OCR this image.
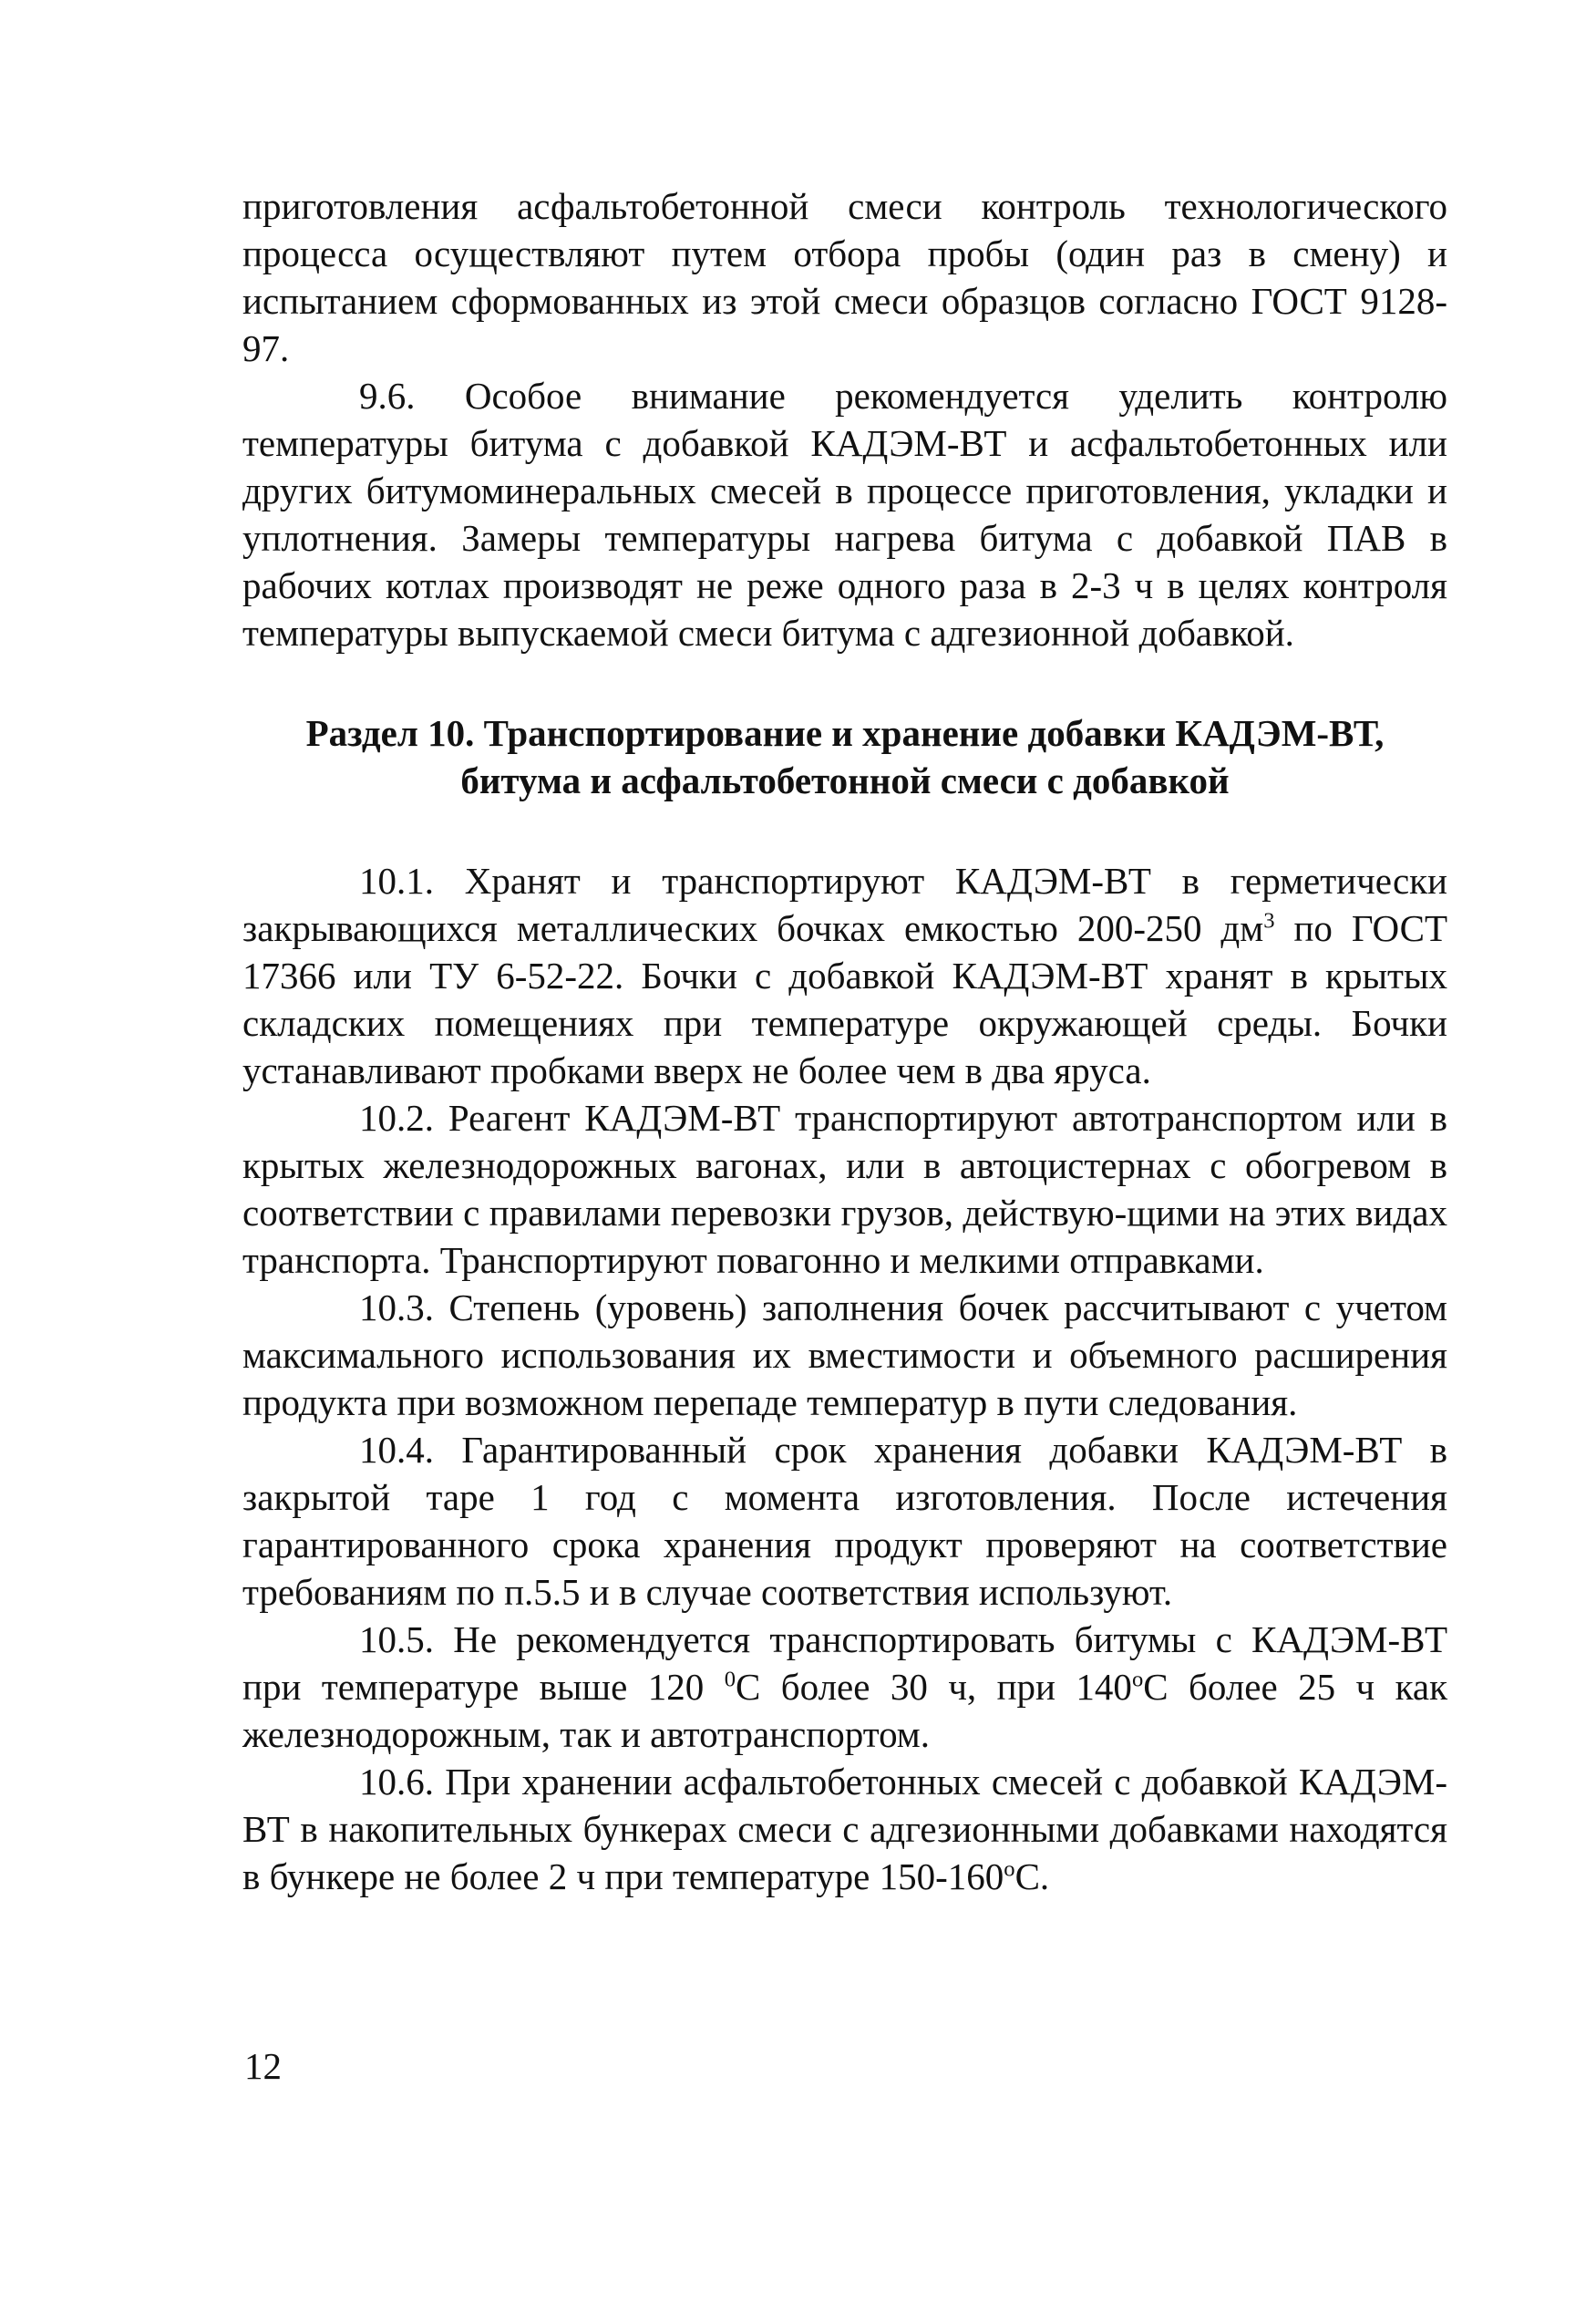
приготовления асфальтобетонной смеси контроль технологического процесса осуществляют путем отбора пробы (один раз в смену) и испытанием сформованных из этой смеси образцов согласно ГОСТ 9128-97.

9.6. Особое внимание рекомендуется уделить контролю температуры битума с добавкой КАДЭМ-ВТ и асфальтобетонных или других битумоминеральных смесей в процессе приготовления, укладки и уплотнения. Замеры температуры нагрева битума с добавкой ПАВ в рабочих котлах производят не реже одного раза в 2-3 ч в целях контроля температуры выпускаемой смеси битума с адгезионной добавкой.

Раздел 10. Транспортирование и хранение добавки КАДЭМ-ВТ,
битума и асфальтобетонной смеси с добавкой

10.1. Хранят и транспортируют КАДЭМ-ВТ в герметически закрывающихся металлических бочках емкостью 200-250 $дм^3$ по ГОСТ 17366 или ТУ 6-52-22. Бочки с добавкой КАДЭМ-ВТ хранят в крытых складских помещениях при температуре окружающей среды. Бочки устанавливают пробками вверх не более чем в два яруса.

10.2. Реагент КАДЭМ-ВТ транспортируют автотранспортом или в крытых железнодорожных вагонах, или в автоцистернах с обогревом в соответствии с правилами перевозки грузов, действую-щими на этих видах транспорта. Транспортируют повагонно и мелкими отправками.

10.3. Степень (уровень) заполнения бочек рассчитывают с учетом максимального использования их вместимости и объемного расширения продукта при возможном перепаде температур в пути следования.

10.4. Гарантированный срок хранения добавки КАДЭМ-ВТ в закрытой таре 1 год с момента изготовления. После истечения гарантированного срока хранения продукт проверяют на соответствие требованиям по п.5.5 и в случае соответствия используют.

10.5. Не рекомендуется транспортировать битумы с КАДЭМ-ВТ при температуре выше 120 $^0$С более 30 ч, при $140^оС$ более 25 ч как железнодорожным, так и автотранспортом.

10.6. При хранении асфальтобетонных смесей с добавкой КАДЭМ-ВТ в накопительных бункерах смеси с адгезионными добавками находятся в бункере не более 2 ч при температуре $150-160^оС$.

12
